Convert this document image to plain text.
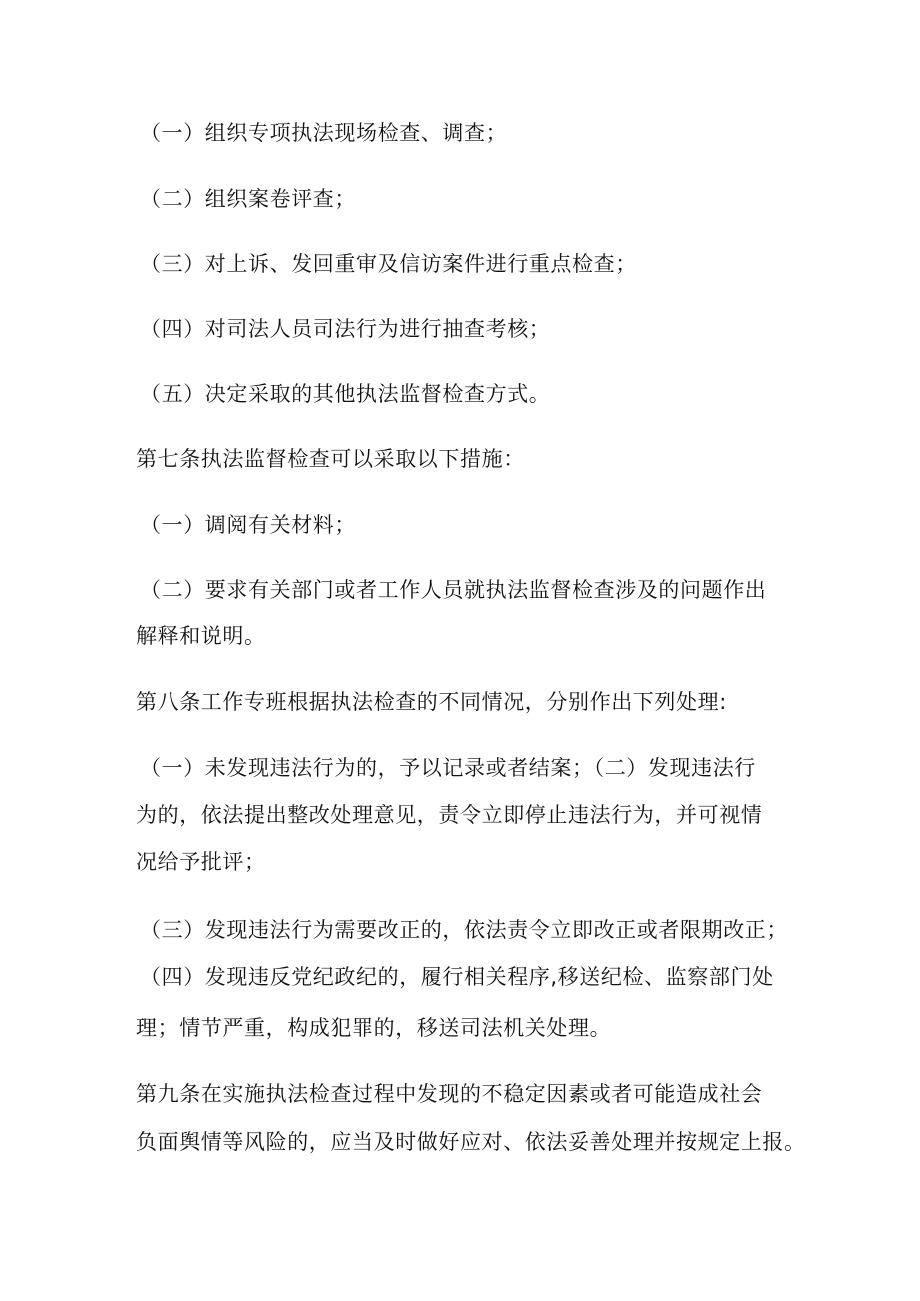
（一）组织专项执法现场检查、调查；

（二）组织案卷评查；

（三）对上诉、发回重审及信访案件进行重点检查；

（四）对司法人员司法行为进行抽查考核；

（五）决定采取的其他执法监督检查方式。

第七条执法监督检查可以采取以下措施：

（一）调阅有关材料；

（二）要求有关部门或者工作人员就执法监督检查涉及的问题作出

解释和说明。

第八条工作专班根据执法检查的不同情况，分别作出下列处理:

（一）未发现违法行为的，予以记录或者结案；（二）发现违法行

为的，依法提出整改处理意见，责令立即停止违法行为，并可视情

况给予批评；

（三）发现违法行为需要改正的，依法责令立即改正或者限期改正；

（四）发现违反党纪政纪的，履行相关程序,移送纪检、监察部门处

理；情节严重，构成犯罪的，移送司法机关处理。

第九条在实施执法检查过程中发现的不稳定因素或者可能造成社会

负面舆情等风险的，应当及时做好应对、依法妥善处理并按规定上报。
